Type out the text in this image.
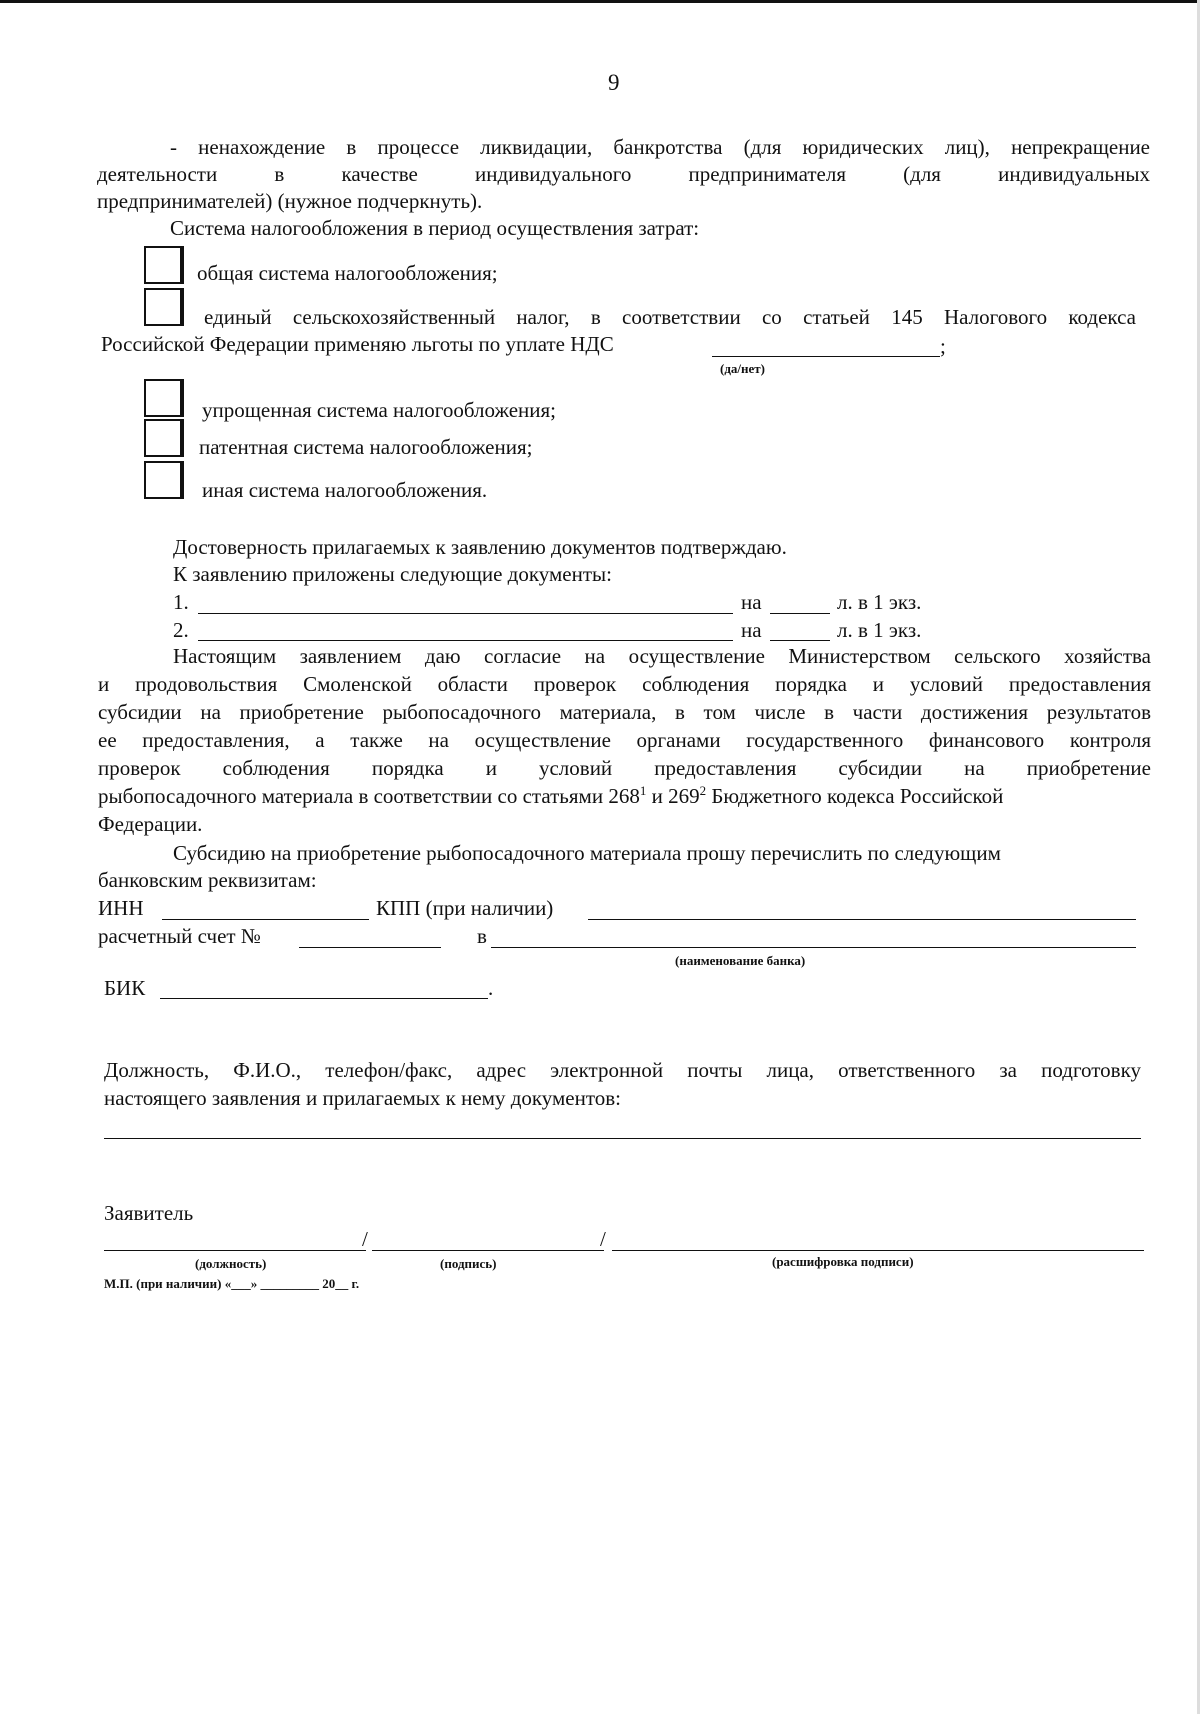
9
- ненахождение в процессе ликвидации, банкротства (для юридических лиц), непрекращение
деятельности в качестве индивидуального предпринимателя (для индивидуальных
предпринимателей) (нужное подчеркнуть).
Система налогообложения в период осуществления затрат:
общая система налогообложения;
единый сельскохозяйственный налог, в соответствии со статьей 145 Налогового кодекса
Российской Федерации применяю льготы по уплате НДС	;
(да/нет)
упрощенная система налогообложения;
патентная система налогообложения;
иная система налогообложения.
Достоверность прилагаемых к заявлению документов подтверждаю.
К заявлению приложены следующие документы:
1.	на	л. в 1 экз.
2.	на	л. в 1 экз.
Настоящим заявлением даю согласие на осуществление Министерством сельского хозяйства
и продовольствия Смоленской области проверок соблюдения порядка и условий предоставления
субсидии на приобретение рыбопосадочного материала, в том числе в части достижения результатов
ее предоставления, а также на осуществление органами государственного финансового контроля
проверок соблюдения порядка и условий предоставления субсидии на приобретение
рыбопосадочного материала в соответствии со статьями $268^1$ и $269^2$ Бюджетного кодекса Российской
Федерации.
Субсидию на приобретение рыбопосадочного материала прошу перечислить по следующим
банковским реквизитам:
ИНН	КПП (при наличии)
расчетный счет №	в
(наименование банка)
БИК	.
Должность, Ф.И.О., телефон/факс, адрес электронной почты лица, ответственного за подготовку
настоящего заявления и прилагаемых к нему документов:
Заявитель
/	/
(должность)	(подпись)	(расшифровка подписи)
М.П. (при наличии) «___» _________ 20__ г.
